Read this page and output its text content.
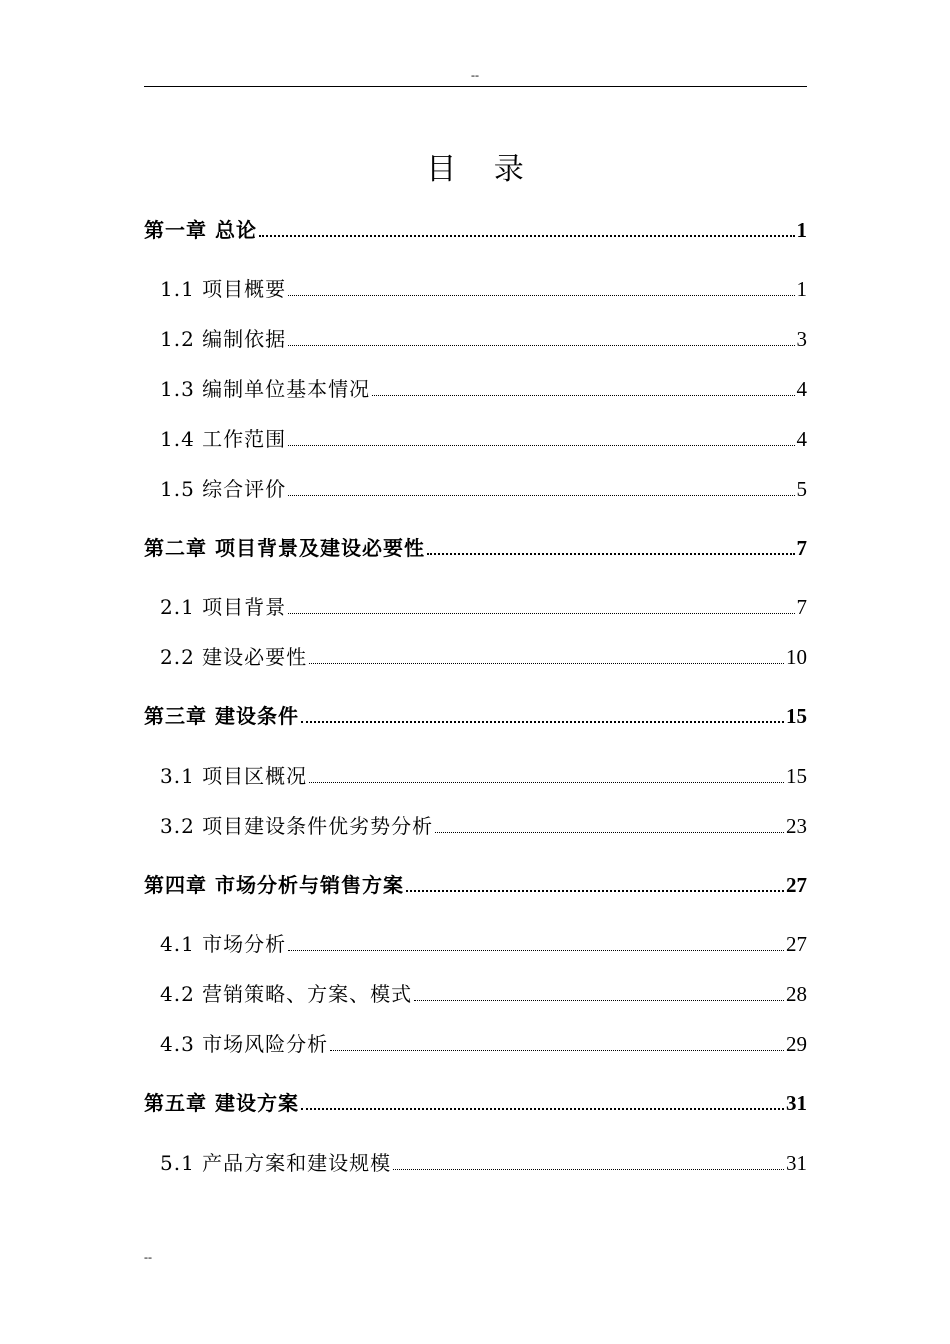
--
目 录
第一章 总论	1
1.1 项目概要	1
1.2 编制依据	3
1.3 编制单位基本情况	4
1.4 工作范围	4
1.5 综合评价	5
第二章 项目背景及建设必要性	7
2.1 项目背景	7
2.2 建设必要性	10
第三章 建设条件	15
3.1 项目区概况	15
3.2 项目建设条件优劣势分析	23
第四章 市场分析与销售方案	27
4.1 市场分析	27
4.2 营销策略、方案、模式	28
4.3 市场风险分析	29
第五章 建设方案	31
5.1 产品方案和建设规模	31
--
